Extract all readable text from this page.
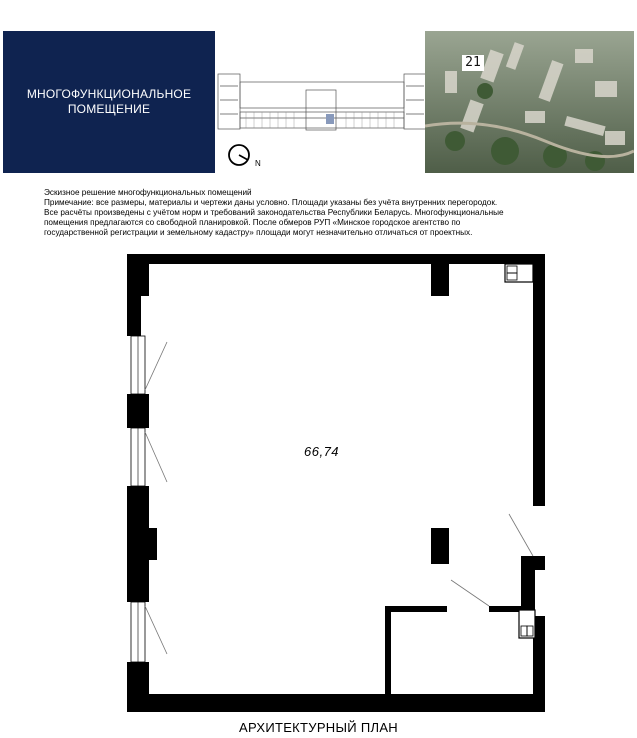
МНОГОФУНКЦИОНАЛЬНОЕ
ПОМЕЩЕНИЕ
N
21
Эскизное решение многофункциональных помещений
Примечание: все размеры, материалы и чертежи даны условно. Площади указаны без учёта внутренних перегородок.
Все расчёты произведены с учётом норм и требований законодательства Республики Беларусь. Многофункциональные
помещения предлагаются со свободной планировкой. После обмеров РУП «Минское городское агентство по
государственной регистрации и земельному кадастру» площади могут незначительно отличаться от проектных.
66,74
АРХИТЕКТУРНЫЙ ПЛАН
